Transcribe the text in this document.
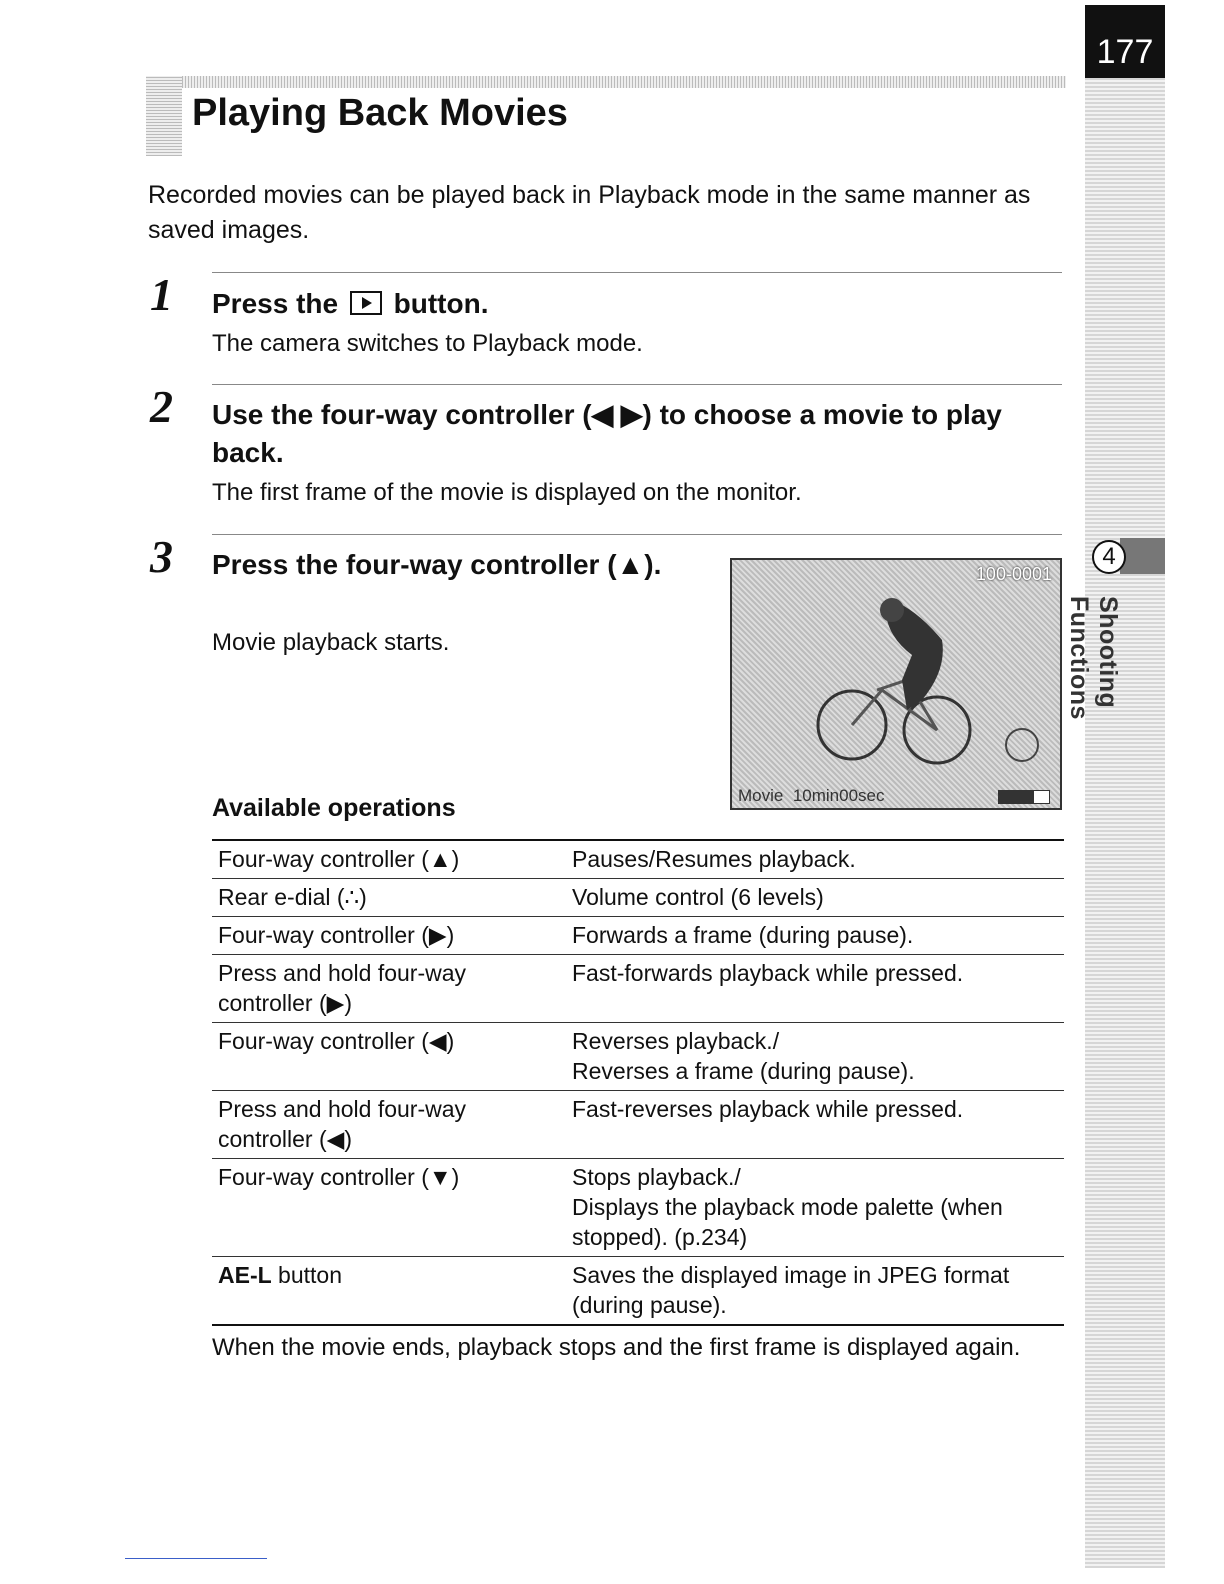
177
4
Shooting Functions
Playing Back Movies
Recorded movies can be played back in Playback mode in the same manner as saved images.
1 Press the button.
The camera switches to Playback mode.
2 Use the four-way controller (◀ ▶) to choose a movie to play back.
The first frame of the movie is displayed on the monitor.
3 Press the four-way controller (▲).
Movie playback starts.
100-0001
Movie 10min00sec
Available operations
Four-way controller (▲)	Pauses/Resumes playback.
Rear e-dial (∴)	Volume control (6 levels)
Four-way controller (▶)	Forwards a frame (during pause).
Press and hold four-way controller (▶)	Fast-forwards playback while pressed.
Four-way controller (◀)	Reverses playback./
Reverses a frame (during pause).
Press and hold four-way controller (◀)	Fast-reverses playback while pressed.
Four-way controller (▼)	Stops playback./
Displays the playback mode palette (when stopped). (p.234)
AE-L button	Saves the displayed image in JPEG format (during pause).
When the movie ends, playback stops and the first frame is displayed again.
